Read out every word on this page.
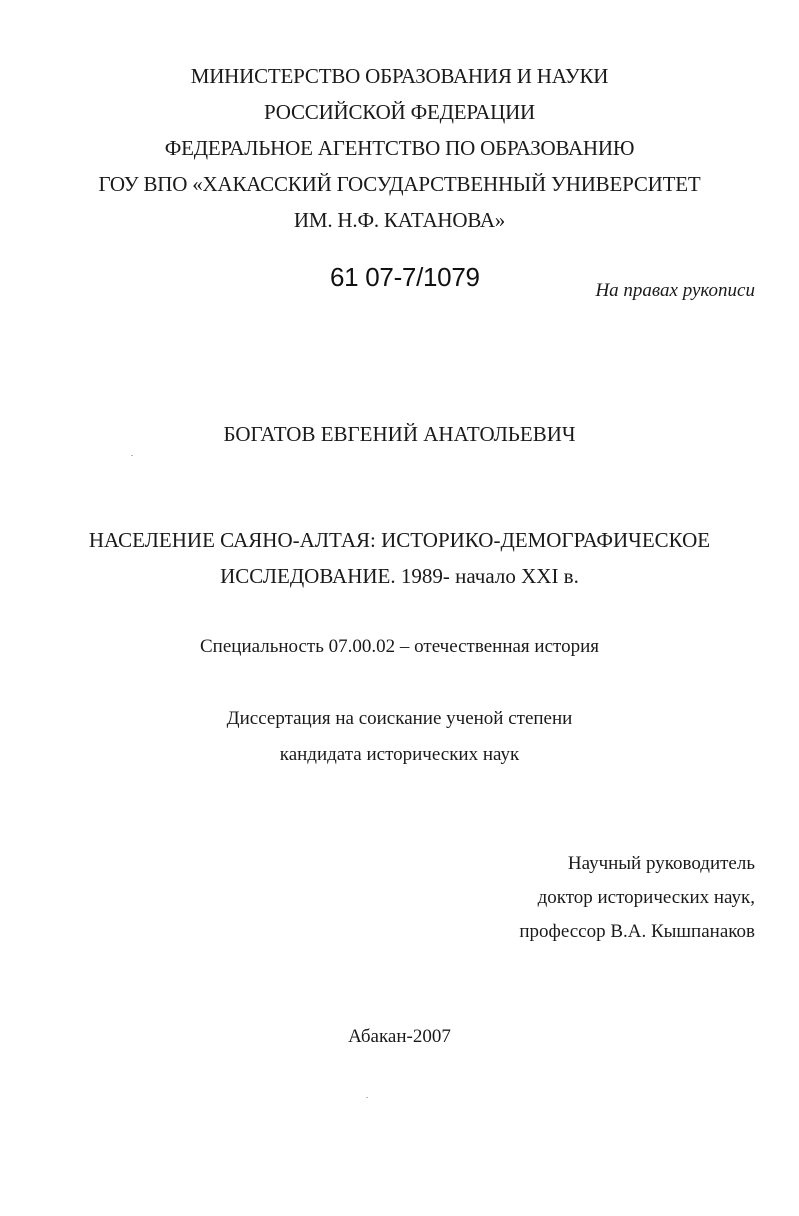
МИНИСТЕРСТВО ОБРАЗОВАНИЯ И НАУКИ
РОССИЙСКОЙ ФЕДЕРАЦИИ
ФЕДЕРАЛЬНОЕ АГЕНТСТВО ПО ОБРАЗОВАНИЮ
ГОУ ВПО «ХАКАССКИЙ ГОСУДАРСТВЕННЫЙ УНИВЕРСИТЕТ
ИМ. Н.Ф. КАТАНОВА»
61 07-7/1079	На правах рукописи
БОГАТОВ ЕВГЕНИЙ АНАТОЛЬЕВИЧ
НАСЕЛЕНИЕ САЯНО-АЛТАЯ: ИСТОРИКО-ДЕМОГРАФИЧЕСКОЕ
ИССЛЕДОВАНИЕ. 1989- начало XXI в.
Специальность 07.00.02 – отечественная история
Диссертация на соискание ученой степени
кандидата исторических наук
Научный руководитель
доктор исторических наук,
профессор В.А. Кышпанаков
Абакан-2007
